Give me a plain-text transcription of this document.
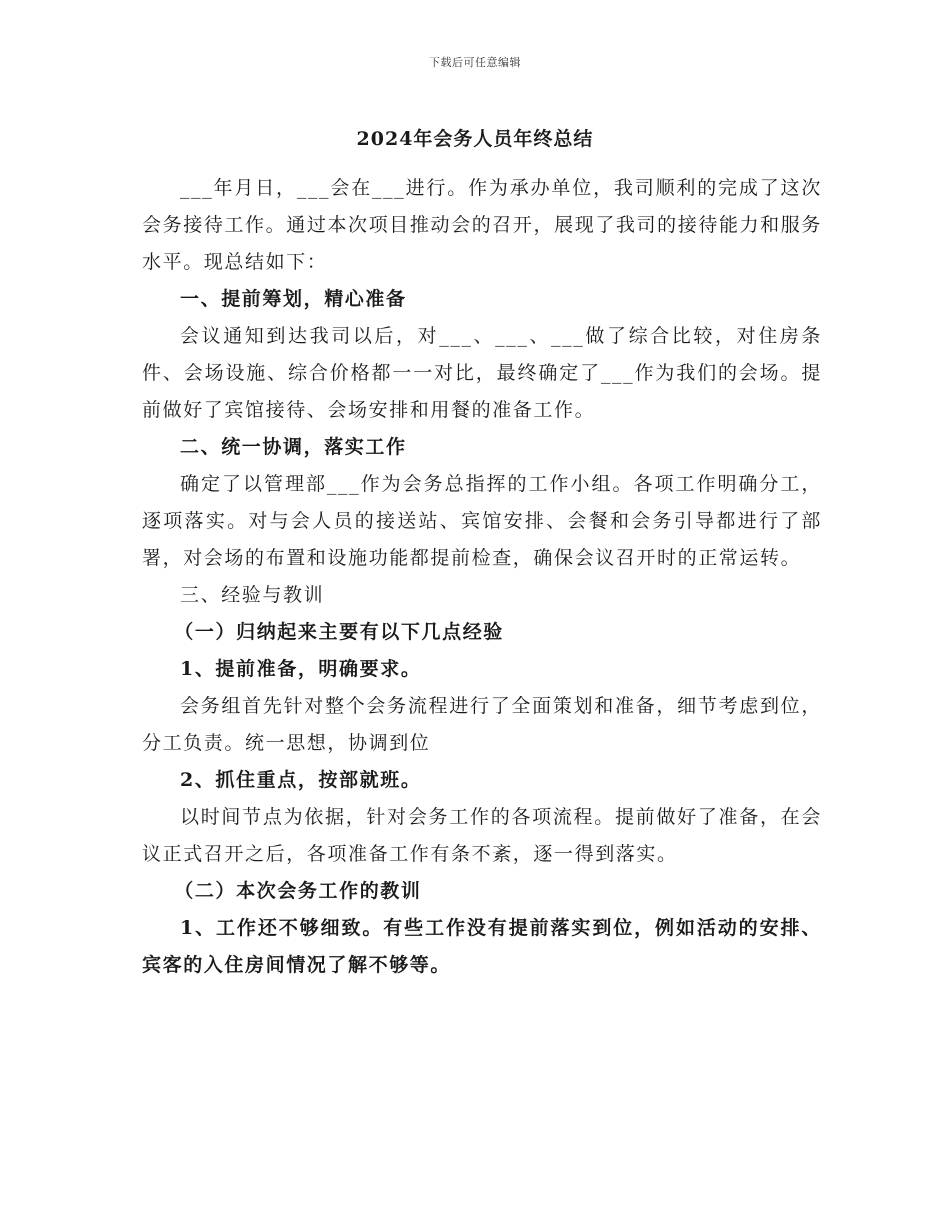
下载后可任意编辑
2024年会务人员年终总结

___年月日，___会在___进行。作为承办单位，我司顺利的完成了这次会务接待工作。通过本次项目推动会的召开，展现了我司的接待能力和服务水平。现总结如下：

一、提前筹划，精心准备

会议通知到达我司以后，对___、___、___做了综合比较，对住房条件、会场设施、综合价格都一一对比，最终确定了___作为我们的会场。提前做好了宾馆接待、会场安排和用餐的准备工作。

二、统一协调，落实工作

确定了以管理部___作为会务总指挥的工作小组。各项工作明确分工，逐项落实。对与会人员的接送站、宾馆安排、会餐和会务引导都进行了部署，对会场的布置和设施功能都提前检查，确保会议召开时的正常运转。

三、经验与教训

（一）归纳起来主要有以下几点经验

1、提前准备，明确要求。

会务组首先针对整个会务流程进行了全面策划和准备，细节考虑到位，分工负责。统一思想，协调到位

2、抓住重点，按部就班。

以时间节点为依据，针对会务工作的各项流程。提前做好了准备，在会议正式召开之后，各项准备工作有条不紊，逐一得到落实。

（二）本次会务工作的教训

1、工作还不够细致。有些工作没有提前落实到位，例如活动的安排、宾客的入住房间情况了解不够等。
